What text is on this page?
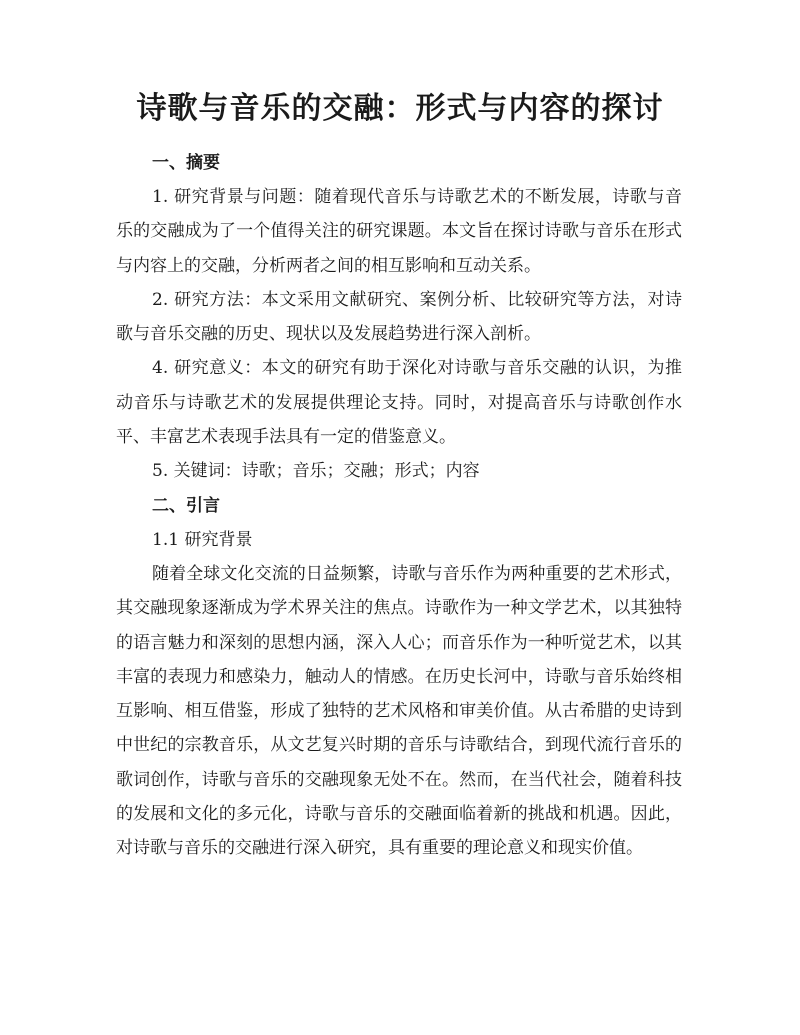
诗歌与音乐的交融：形式与内容的探讨

一、摘要

1. 研究背景与问题：随着现代音乐与诗歌艺术的不断发展，诗歌与音乐的交融成为了一个值得关注的研究课题。本文旨在探讨诗歌与音乐在形式与内容上的交融，分析两者之间的相互影响和互动关系。

2. 研究方法：本文采用文献研究、案例分析、比较研究等方法，对诗歌与音乐交融的历史、现状以及发展趋势进行深入剖析。

4. 研究意义：本文的研究有助于深化对诗歌与音乐交融的认识，为推动音乐与诗歌艺术的发展提供理论支持。同时，对提高音乐与诗歌创作水平、丰富艺术表现手法具有一定的借鉴意义。

5. 关键词：诗歌；音乐；交融；形式；内容

二、引言

1.1 研究背景

随着全球文化交流的日益频繁，诗歌与音乐作为两种重要的艺术形式，其交融现象逐渐成为学术界关注的焦点。诗歌作为一种文学艺术，以其独特的语言魅力和深刻的思想内涵，深入人心；而音乐作为一种听觉艺术，以其丰富的表现力和感染力，触动人的情感。在历史长河中，诗歌与音乐始终相互影响、相互借鉴，形成了独特的艺术风格和审美价值。从古希腊的史诗到中世纪的宗教音乐，从文艺复兴时期的音乐与诗歌结合，到现代流行音乐的歌词创作，诗歌与音乐的交融现象无处不在。然而，在当代社会，随着科技的发展和文化的多元化，诗歌与音乐的交融面临着新的挑战和机遇。因此，对诗歌与音乐的交融进行深入研究，具有重要的理论意义和现实价值。
